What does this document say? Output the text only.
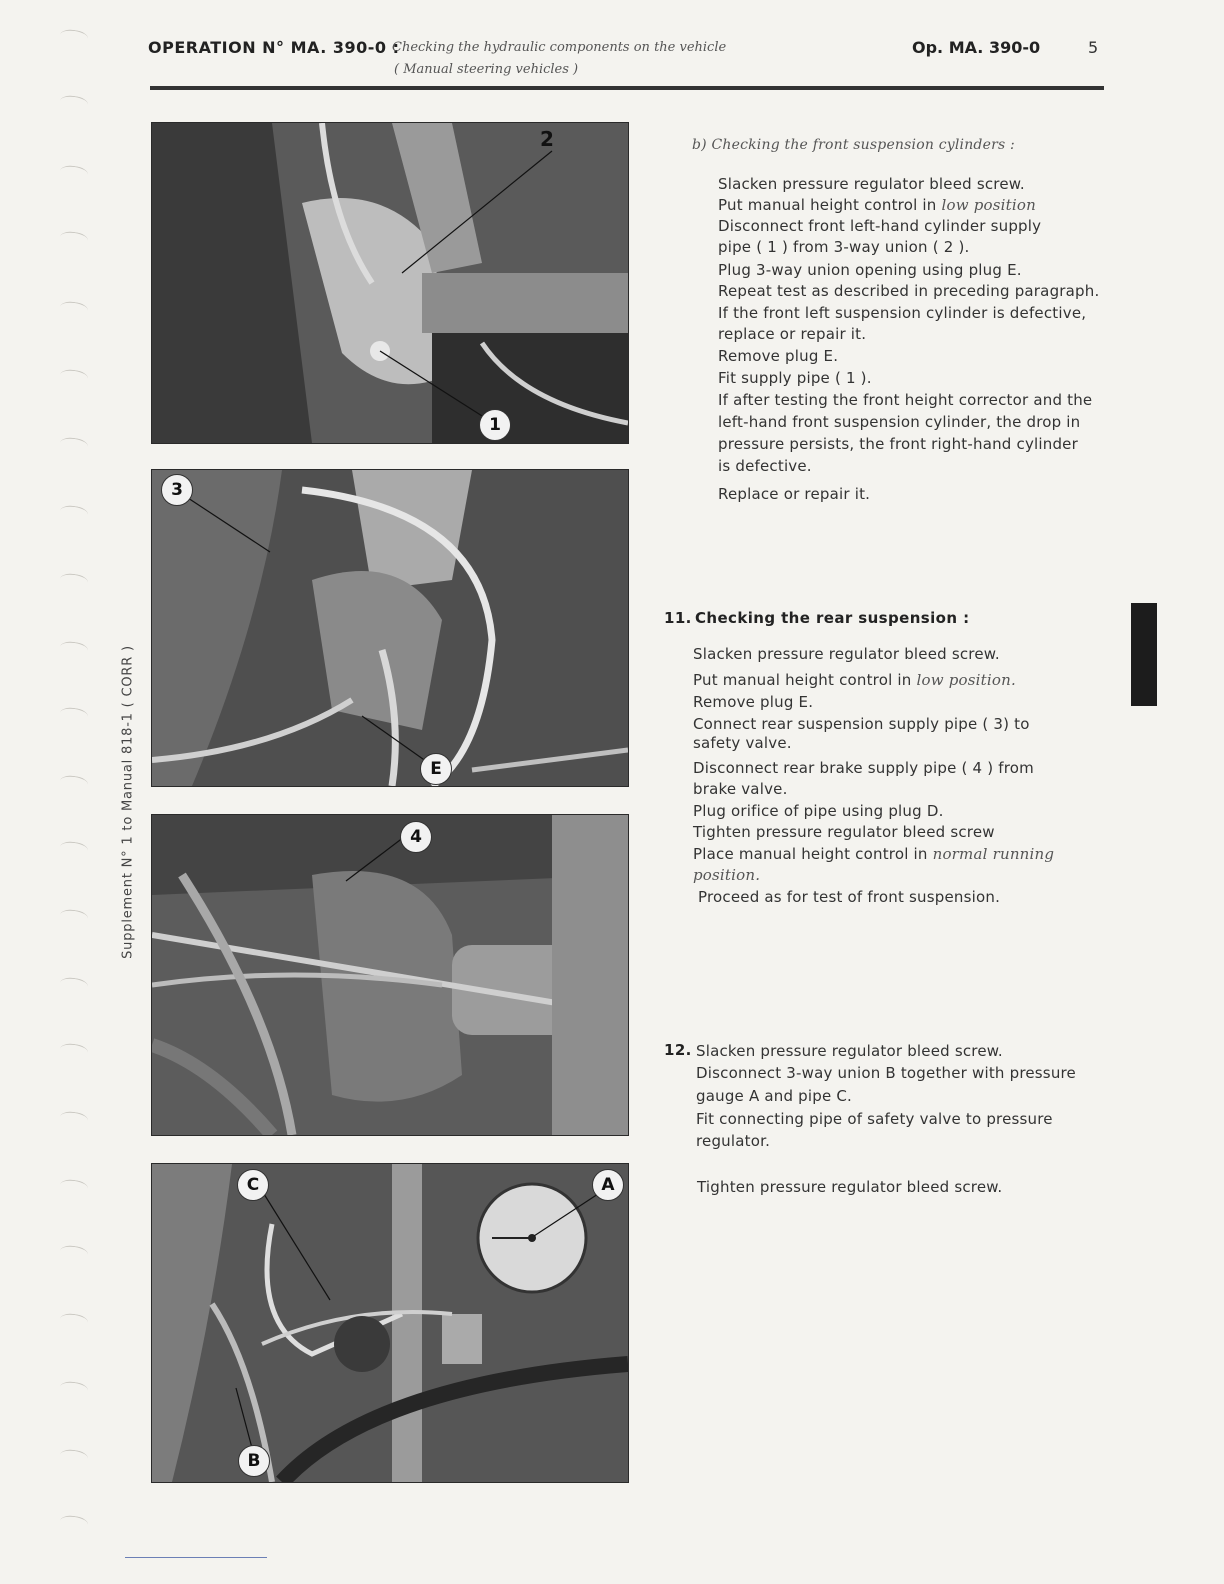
OPERATION N° MA. 390-0 :
Checking the hydraulic components on the vehicle
( Manual steering vehicles )
Op. MA. 390-0	5
Supplement N° 1 to Manual 818-1 ( CORR )
2
1
3
E
4
C	A
B
b) Checking the front suspension cylinders :
Slacken pressure regulator bleed screw.
Put manual height control in low position
Disconnect front left-hand cylinder supply
pipe ( 1 ) from 3-way union ( 2 ).
Plug 3-way union opening using plug E.
Repeat test as described in preceding paragraph.
If the front left suspension cylinder is defective,
replace or repair it.
Remove plug E.
Fit supply pipe ( 1 ).
If after testing the front height corrector and the
left-hand front suspension cylinder, the drop in
pressure persists, the front right-hand cylinder
is defective.
Replace or repair it.
11. Checking the rear suspension :
Slacken pressure regulator bleed screw.
Put manual height control in low position.
Remove plug E.
Connect rear suspension supply pipe ( 3) to
safety valve.
Disconnect rear brake supply pipe ( 4 ) from
brake valve.
Plug orifice of pipe using plug D.
Tighten pressure regulator bleed screw
Place manual height control in normal running
position.
Proceed as for test of front suspension.
12. Slacken pressure regulator bleed screw.
Disconnect 3-way union B together with pressure
gauge A and pipe C.
Fit connecting pipe of safety valve to pressure
regulator.
Tighten pressure regulator bleed screw.
